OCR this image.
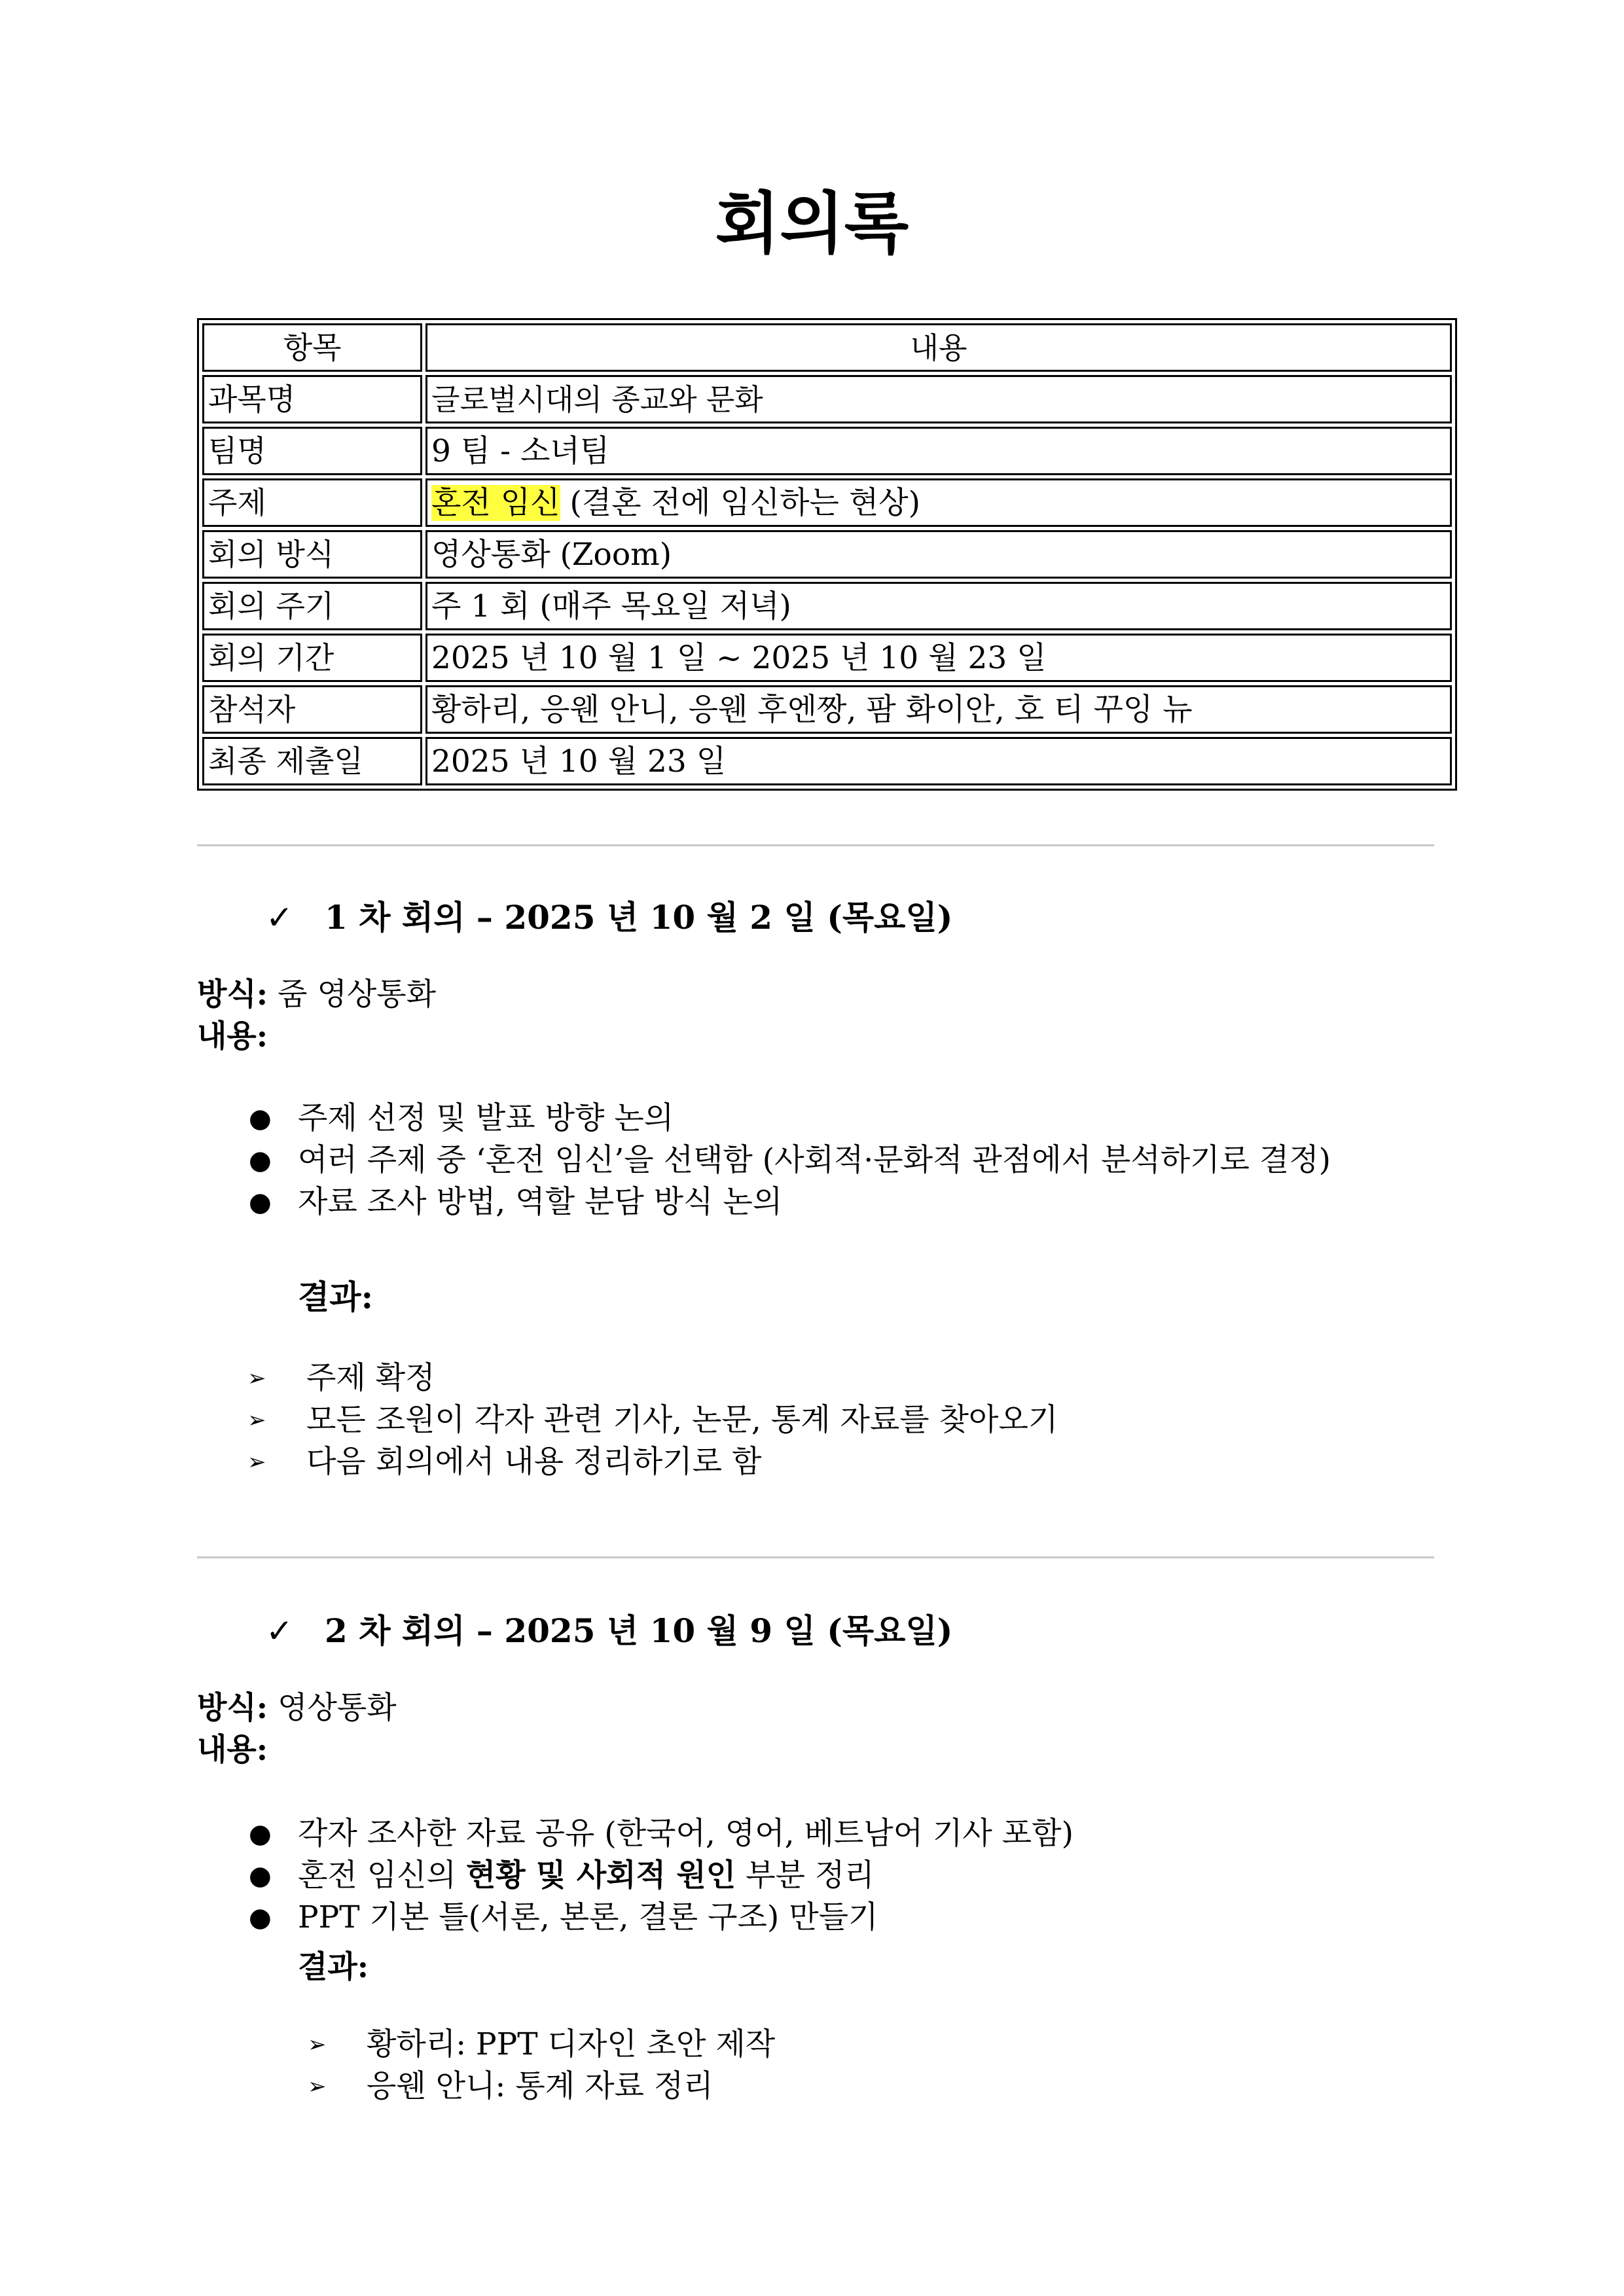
회의록
항목	내용
과목명	글로벌시대의 종교와 문화
팀명	9 팀 - 소녀팀
주제	혼전 임신 (결혼 전에 임신하는 현상)
회의 방식	영상통화 (Zoom)
회의 주기	주 1 회 (매주 목요일 저녁)
회의 기간	2025 년 10 월 1 일 ~ 2025 년 10 월 23 일
참석자	황하리, 응웬 안니, 응웬 후엔짱, 팜 화이안, 호 티 꾸잉 뉴
최종 제출일	2025 년 10 월 23 일
✓ 1 차 회의 – 2025 년 10 월 2 일 (목요일)
방식: 줌 영상통화
내용:
● 주제 선정 및 발표 방향 논의
● 여러 주제 중 ‘혼전 임신’을 선택함 (사회적·문화적 관점에서 분석하기로 결정)
● 자료 조사 방법, 역할 분담 방식 논의
결과:
➢ 주제 확정
➢ 모든 조원이 각자 관련 기사, 논문, 통계 자료를 찾아오기
➢ 다음 회의에서 내용 정리하기로 함
✓ 2 차 회의 – 2025 년 10 월 9 일 (목요일)
방식: 영상통화
내용:
● 각자 조사한 자료 공유 (한국어, 영어, 베트남어 기사 포함)
● 혼전 임신의 현황 및 사회적 원인 부분 정리
● PPT 기본 틀(서론, 본론, 결론 구조) 만들기
결과:
➢ 황하리: PPT 디자인 초안 제작
➢ 응웬 안니: 통계 자료 정리
